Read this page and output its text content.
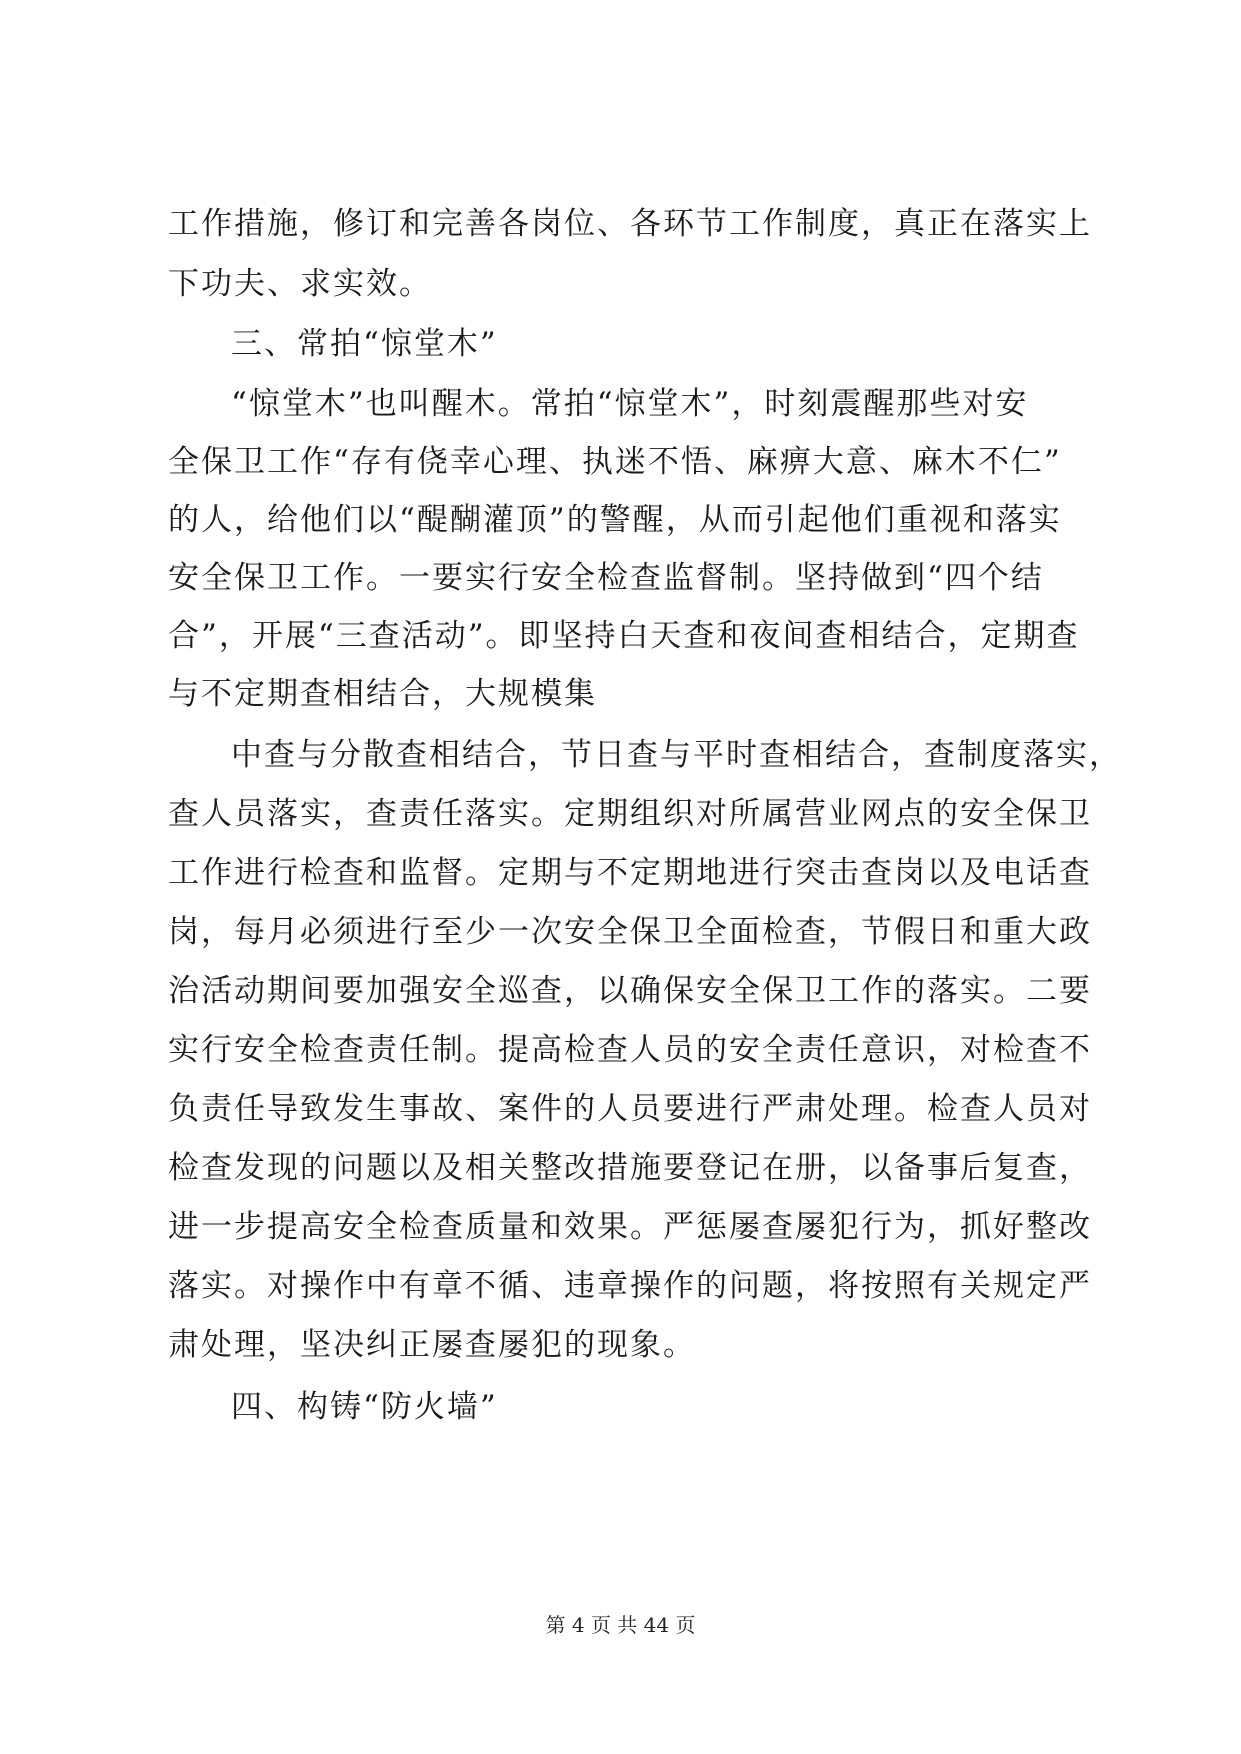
工作措施，修订和完善各岗位、各环节工作制度，真正在落实上
下功夫、求实效。
三、常拍“惊堂木”
“惊堂木”也叫醒木。常拍“惊堂木”，时刻震醒那些对安
全保卫工作“存有侥幸心理、执迷不悟、麻痹大意、麻木不仁”
的人，给他们以“醍醐灌顶”的警醒，从而引起他们重视和落实
安全保卫工作。一要实行安全检查监督制。坚持做到“四个结
合”，开展“三查活动”。即坚持白天查和夜间查相结合，定期查
与不定期查相结合，大规模集
中查与分散查相结合，节日查与平时查相结合，查制度落实，
查人员落实，查责任落实。定期组织对所属营业网点的安全保卫
工作进行检查和监督。定期与不定期地进行突击查岗以及电话查
岗，每月必须进行至少一次安全保卫全面检查，节假日和重大政
治活动期间要加强安全巡查，以确保安全保卫工作的落实。二要
实行安全检查责任制。提高检查人员的安全责任意识，对检查不
负责任导致发生事故、案件的人员要进行严肃处理。检查人员对
检查发现的问题以及相关整改措施要登记在册，以备事后复查，
进一步提高安全检查质量和效果。严惩屡查屡犯行为，抓好整改
落实。对操作中有章不循、违章操作的问题，将按照有关规定严
肃处理，坚决纠正屡查屡犯的现象。
四、构铸“防火墙”
第 4 页 共 44 页
